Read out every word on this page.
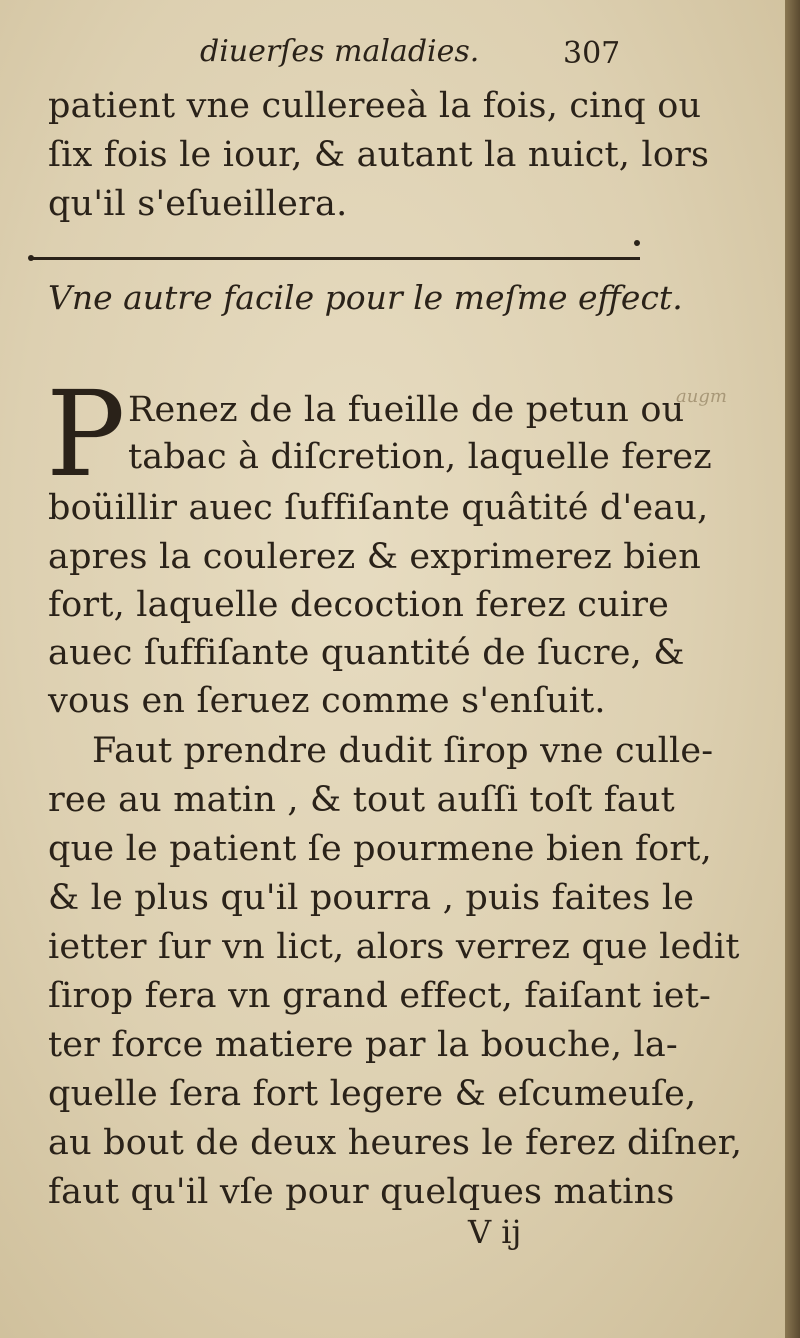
diuerſes maladies.	307
patient vne cullereeà la fois, cinq ou
ſix fois le iour, & autant la nuict, lors
qu'il s'eſueillera.
Vne autre facile pour le meſme effect.
P Renez de la fueille de petun ou
tabac à diſcretion, laquelle ferez
boüillir auec ſuffiſante quâtité d'eau,
apres la coulerez & exprimerez bien
fort, laquelle decoction ferez cuire
auec ſuffiſante quantité de ſucre, &
vous en ſeruez comme s'enſuit.
Faut prendre dudit ſirop vne culle-
ree au matin , & tout auſſi toſt faut
que le patient ſe pourmene bien fort,
& le plus qu'il pourra , puis faites le
ietter ſur vn lict, alors verrez que ledit
ſirop fera vn grand effect, faiſant iet-
ter force matiere par la bouche, la-
quelle ſera fort legere & eſcumeuſe,
au bout de deux heures le ferez diſner,
faut qu'il vſe pour quelques matins
V ij
augm
